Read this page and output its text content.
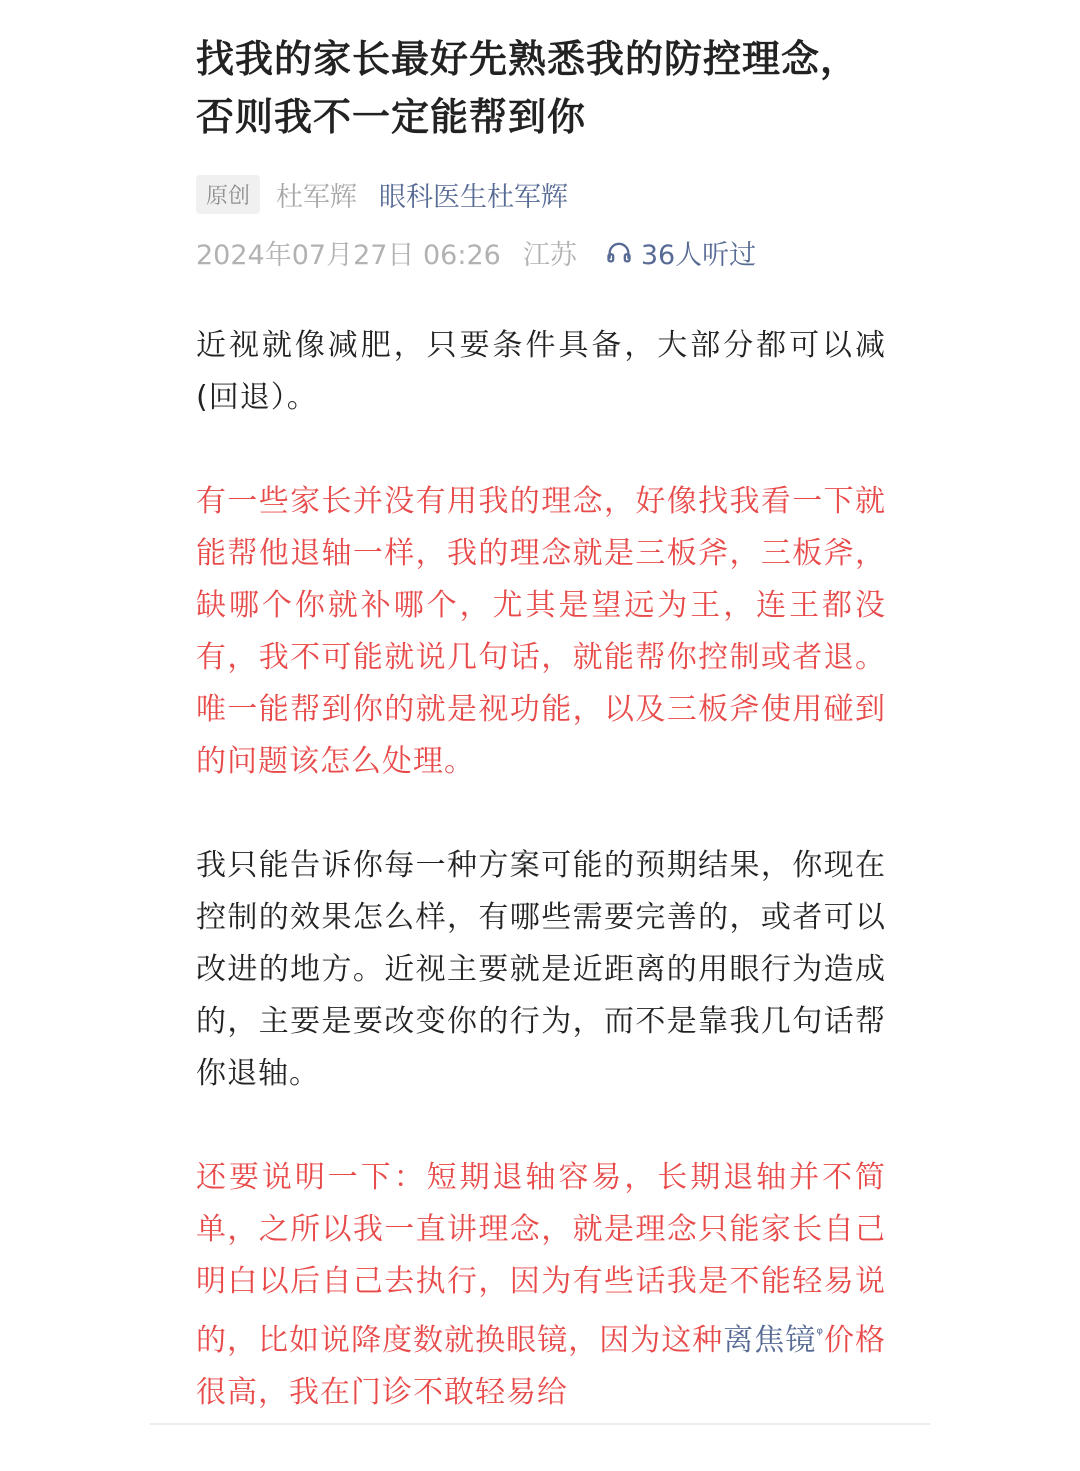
找我的家长最好先熟悉我的防控理念，否则我不一定能帮到你
原创 杜军辉 眼科医生杜军辉
2024年07月27日 06:26 江苏 36人听过

近视就像减肥，只要条件具备，大部分都可以减(回退）。

有一些家长并没有用我的理念，好像找我看一下就能帮他退轴一样，我的理念就是三板斧，三板斧，缺哪个你就补哪个，尤其是望远为王，连王都没有，我不可能就说几句话，就能帮你控制或者退。唯一能帮到你的就是视功能，以及三板斧使用碰到的问题该怎么处理。

我只能告诉你每一种方案可能的预期结果，你现在控制的效果怎么样，有哪些需要完善的，或者可以改进的地方。近视主要就是近距离的用眼行为造成的，主要是要改变你的行为，而不是靠我几句话帮你退轴。

还要说明一下：短期退轴容易，长期退轴并不简单，之所以我一直讲理念，就是理念只能家长自己明白以后自己去执行，因为有些话我是不能轻易说的，比如说降度数就换眼镜，因为这种离焦镜$^ᵠ$价格很高，我在门诊不敢轻易给
